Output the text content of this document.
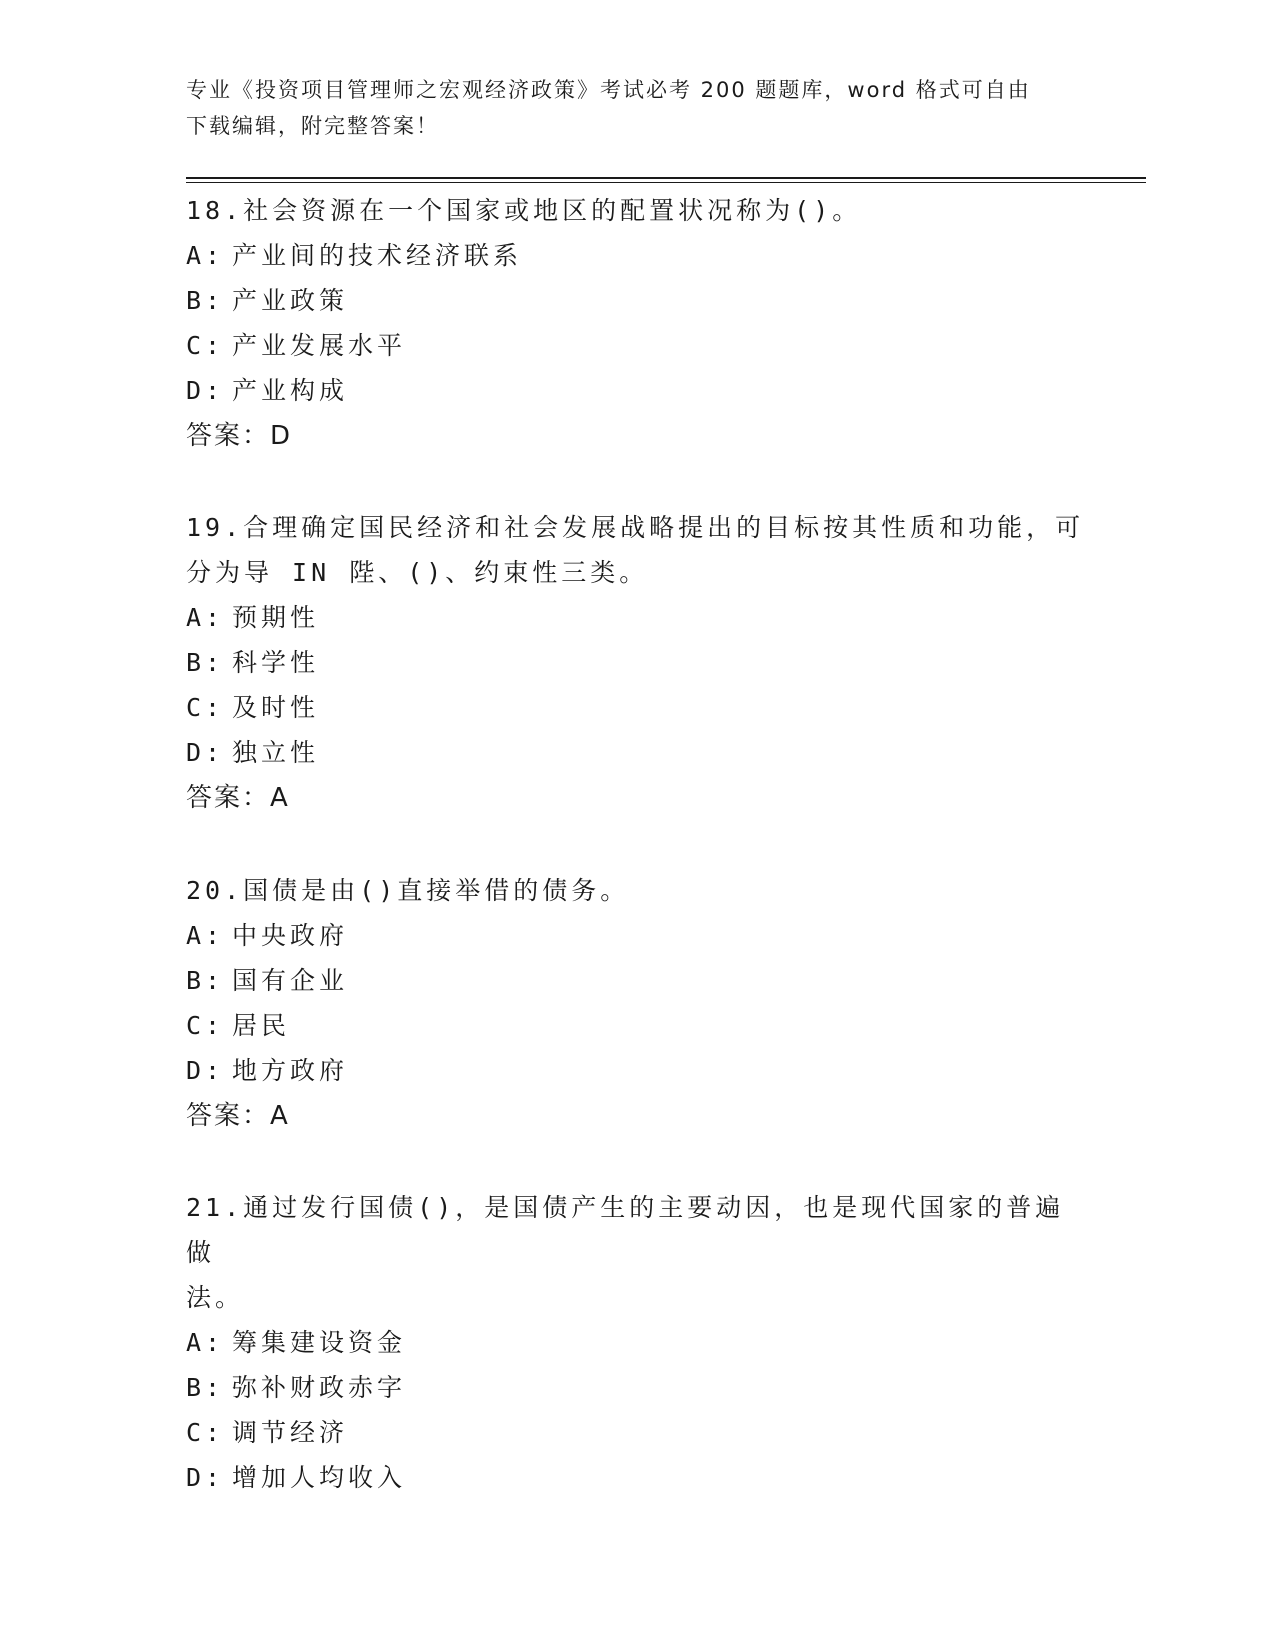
专业《投资项目管理师之宏观经济政策》考试必考 200 题题库，word 格式可自由
下载编辑，附完整答案！
18.社会资源在一个国家或地区的配置状况称为()。
A: 产业间的技术经济联系
B: 产业政策
C: 产业发展水平
D: 产业构成
答案：D
19.合理确定国民经济和社会发展战略提出的目标按其性质和功能，可
分为导 IN 陛、()、约束性三类。
A: 预期性
B: 科学性
C: 及时性
D: 独立性
答案：A
20.国债是由()直接举借的债务。
A: 中央政府
B: 国有企业
C: 居民
D: 地方政府
答案：A
21.通过发行国债()，是国债产生的主要动因，也是现代国家的普遍做
法。
A: 筹集建设资金
B: 弥补财政赤字
C: 调节经济
D: 增加人均收入
